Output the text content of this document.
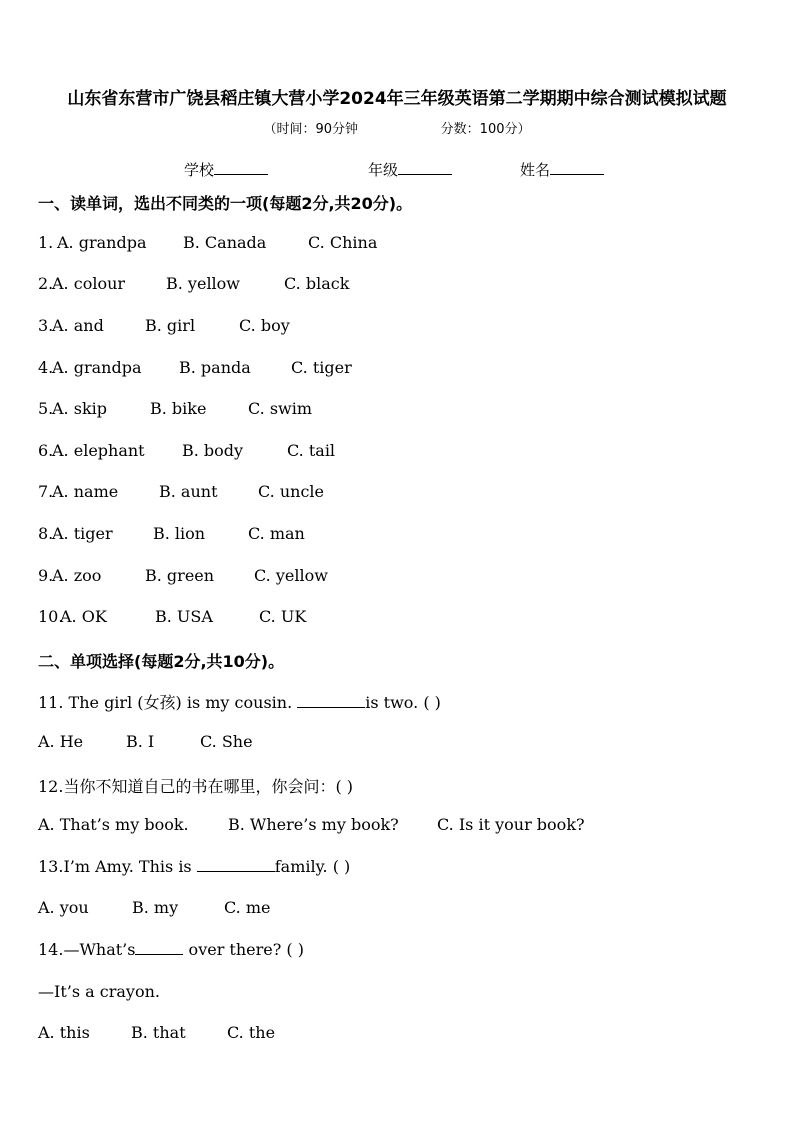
山东省东营市广饶县稻庄镇大营小学2024年三年级英语第二学期期中综合测试模拟试题
（时间：90分钟                    分数：100分）
学校	年级	姓名
一、读单词，选出不同类的一项(每题2分,共20分)。
1. A. grandpa B. Canada	C. China
2.
A. colour	B. yellow	C. black
3.
A. and	B. girl	C. boy
4.
A. grandpa B. panda	C. tiger
5.
A. skip	B. bike	C. swim
6.
A. elephant B. body	C. tail
7.
A. name	B. aunt	C. uncle
8.
A. tiger	B. lion	C. man
9.
A. zoo	B. green C. yellow
10.
A. OK	B. USA	C. UK
二、单项选择(每题2分,共10分)。
11. The girl (女孩) is my cousin.	is two. ( )
A. He	B. I	C. She
12.当你不知道自己的书在哪里，你会问：( )
A. That’s my book. B. Where’s my book? C. Is it your book?
13.I’m Amy. This is	family. ( )
A. you	B. my	C. me
14.—What’s	over there? ( )
—It’s a crayon.
A. this	B. that	C. the
